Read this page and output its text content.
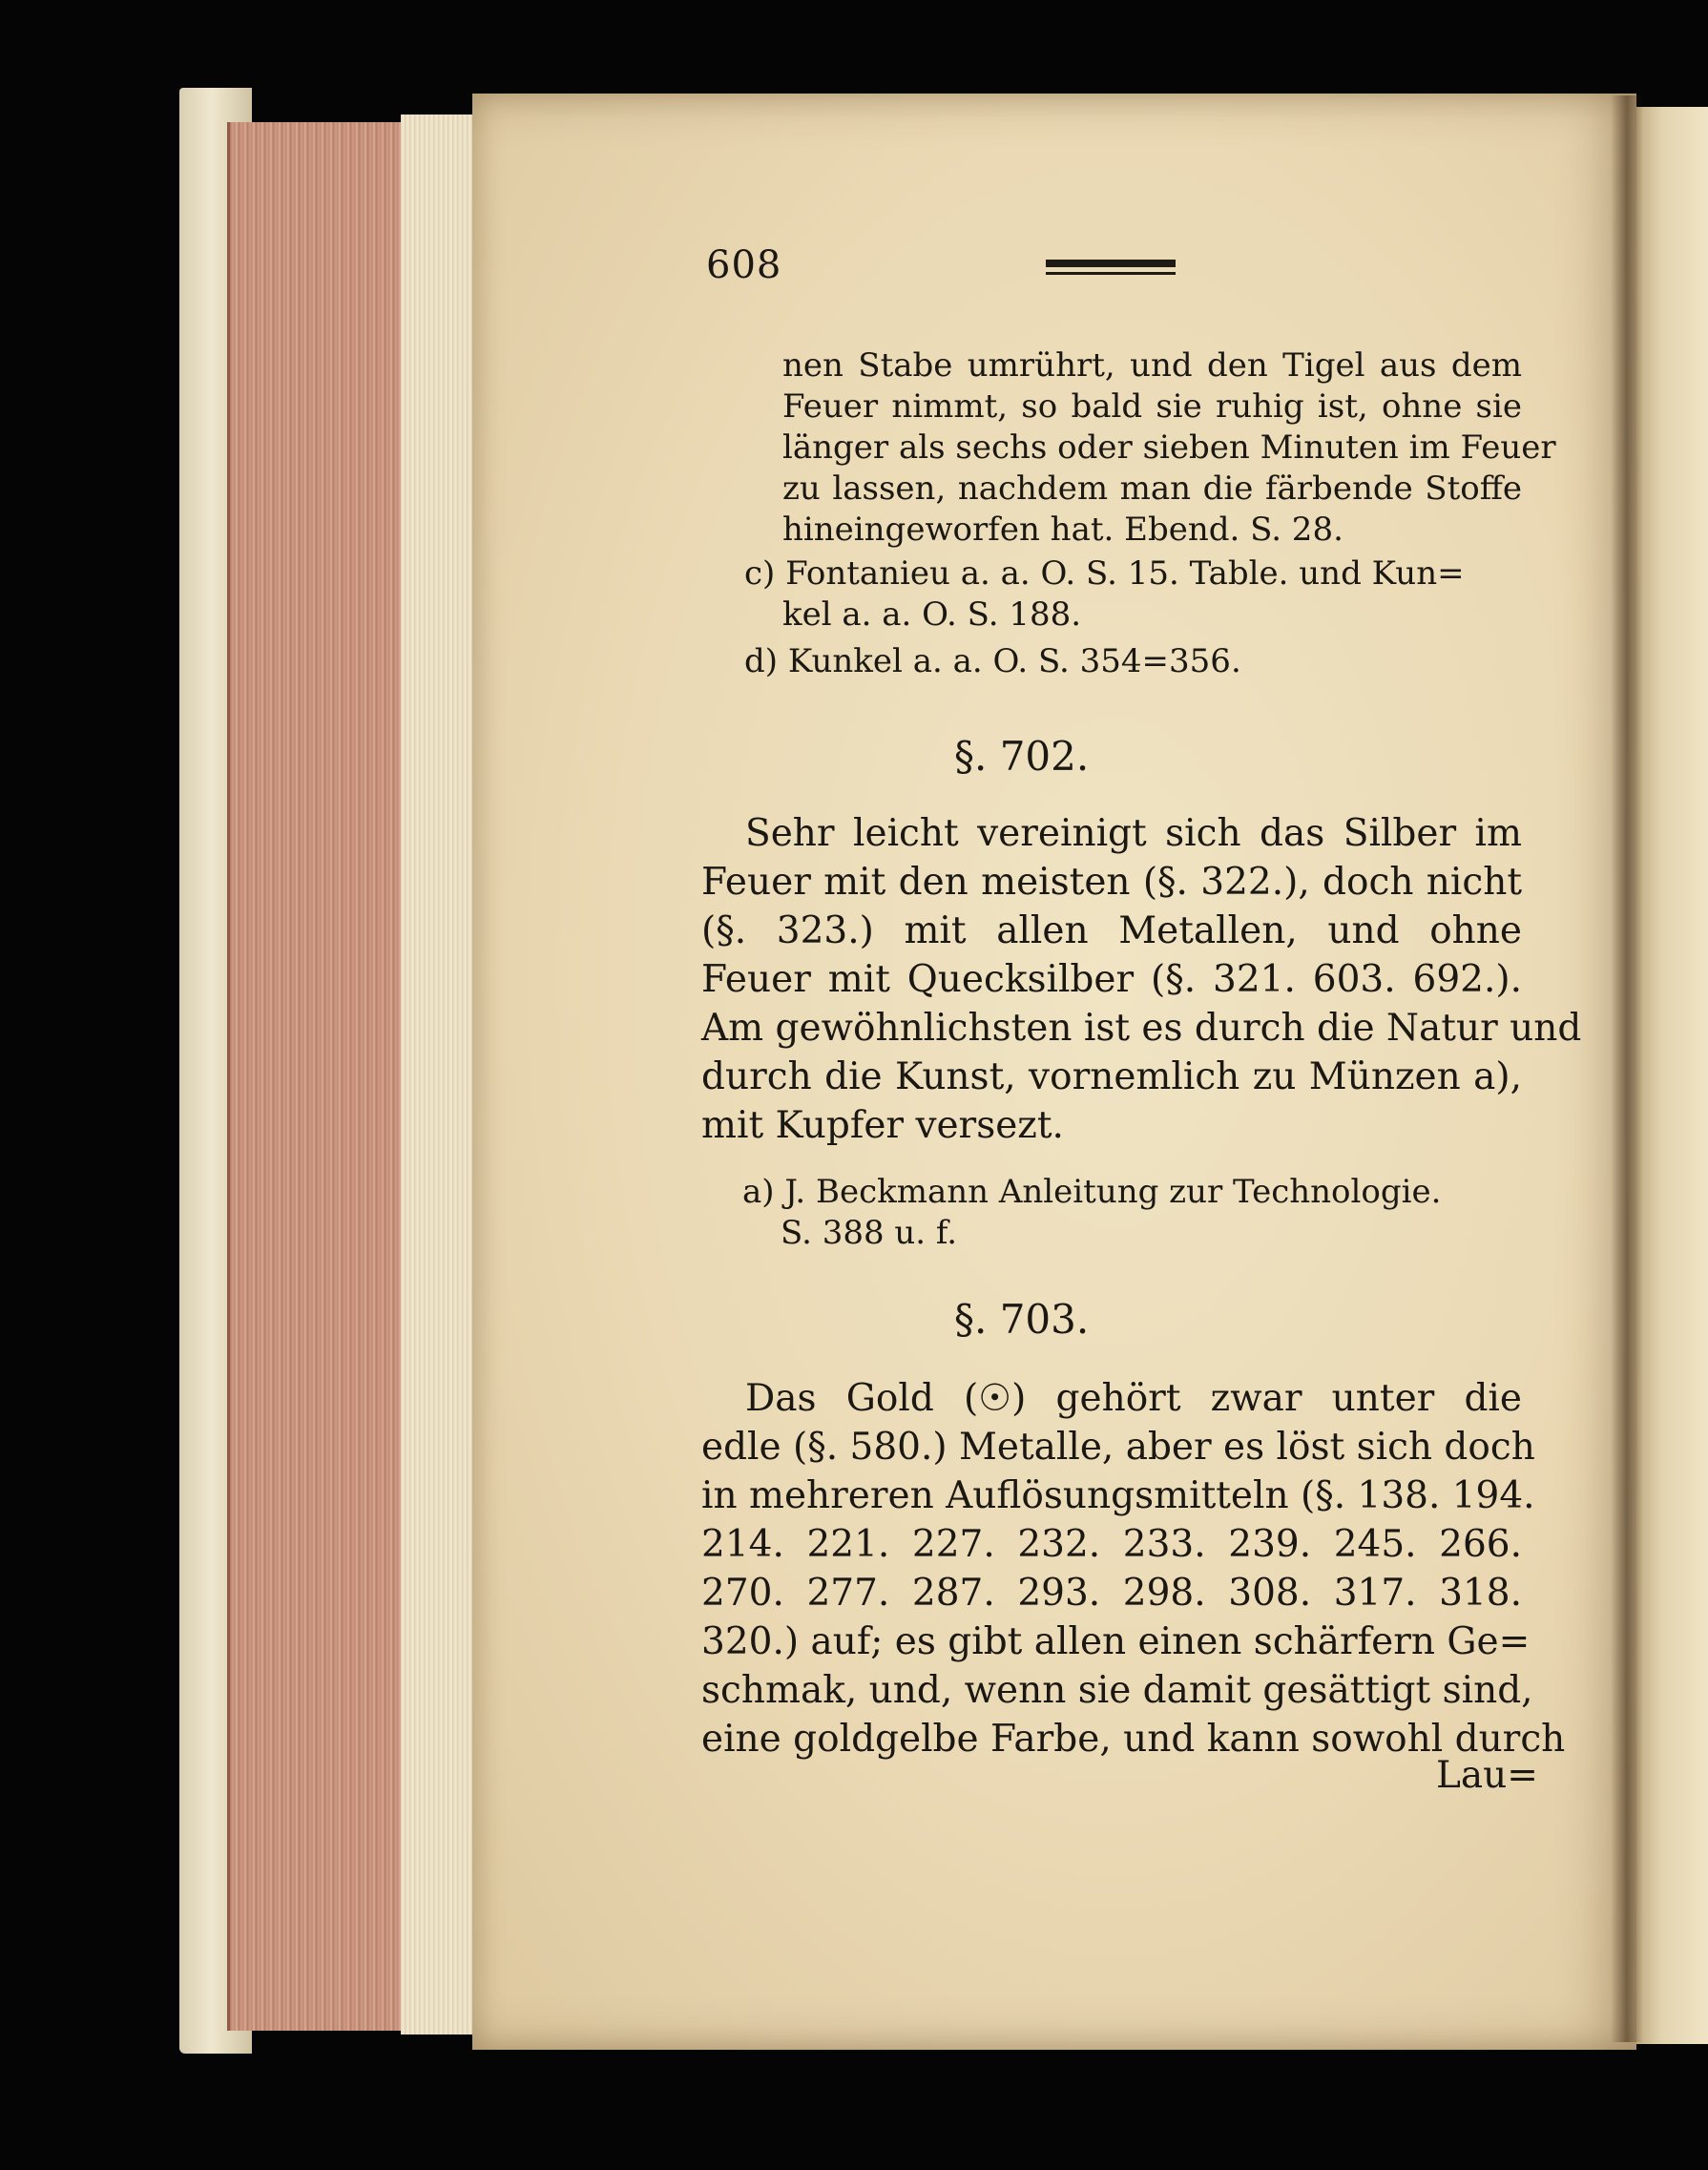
608
nen Stabe umrührt, und den Tigel aus dem
Feuer nimmt, so bald sie ruhig ist, ohne sie
länger als sechs oder sieben Minuten im Feuer
zu lassen, nachdem man die färbende Stoffe
hineingeworfen hat. Ebend. S. 28.
c) Fontanieu a. a. O. S. 15. Table. und Kun=
kel a. a. O. S. 188.
d) Kunkel a. a. O. S. 354=356.
§. 702.
Sehr leicht vereinigt sich das Silber im
Feuer mit den meisten (§. 322.), doch nicht
(§. 323.) mit allen Metallen, und ohne
Feuer mit Quecksilber (§. 321. 603. 692.).
Am gewöhnlichsten ist es durch die Natur und
durch die Kunst, vornemlich zu Münzen a),
mit Kupfer versezt.
a) J. Beckmann Anleitung zur Technologie.
S. 388 u. f.
§. 703.
Das Gold (☉) gehört zwar unter die
edle (§. 580.) Metalle, aber es löst sich doch
in mehreren Auflösungsmitteln (§. 138. 194.
214. 221. 227. 232. 233. 239. 245. 266.
270. 277. 287. 293. 298. 308. 317. 318.
320.) auf; es gibt allen einen schärfern Ge=
schmak, und, wenn sie damit gesättigt sind,
eine goldgelbe Farbe, und kann sowohl durch
Lau=
